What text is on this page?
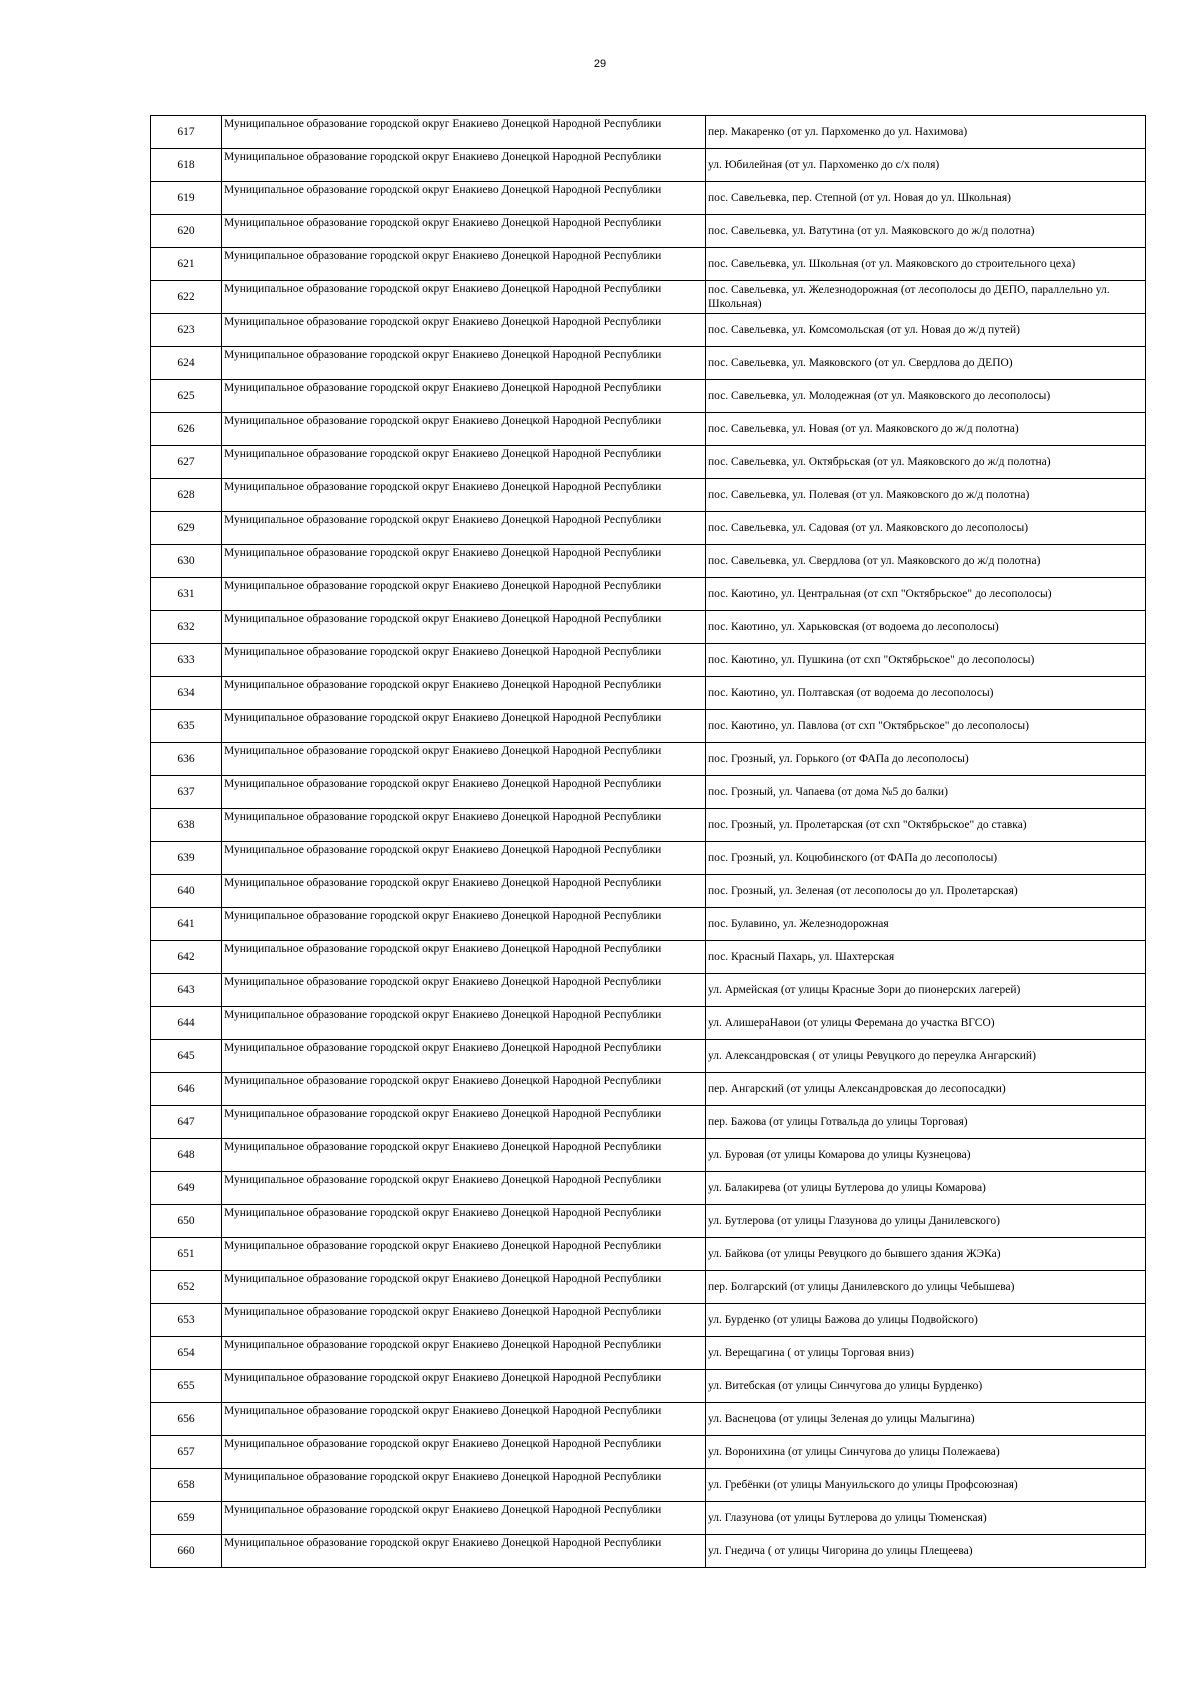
29
617	Муниципальное образование городской округ Енакиево Донецкой Народной Республики	пер. Макаренко (от ул. Пархоменко до ул. Нахимова)
618	Муниципальное образование городской округ Енакиево Донецкой Народной Республики	ул. Юбилейная (от ул. Пархоменко до с/х поля)
619	Муниципальное образование городской округ Енакиево Донецкой Народной Республики	пос. Савельевка, пер. Степной (от ул. Новая до ул. Школьная)
620	Муниципальное образование городской округ Енакиево Донецкой Народной Республики	пос. Савельевка, ул. Ватутина (от ул. Маяковского до ж/д полотна)
621	Муниципальное образование городской округ Енакиево Донецкой Народной Республики	пос. Савельевка, ул. Школьная (от ул. Маяковского до строительного цеха)
622	Муниципальное образование городской округ Енакиево Донецкой Народной Республики	пос. Савельевка, ул. Железнодорожная (от лесополосы до ДЕПО, параллельно ул. Школьная)
623	Муниципальное образование городской округ Енакиево Донецкой Народной Республики	пос. Савельевка, ул. Комсомольская (от ул. Новая до ж/д путей)
624	Муниципальное образование городской округ Енакиево Донецкой Народной Республики	пос. Савельевка, ул. Маяковского (от ул. Свердлова до ДЕПО)
625	Муниципальное образование городской округ Енакиево Донецкой Народной Республики	пос. Савельевка, ул. Молодежная (от ул. Маяковского до лесополосы)
626	Муниципальное образование городской округ Енакиево Донецкой Народной Республики	пос. Савельевка, ул. Новая (от ул. Маяковского до ж/д полотна)
627	Муниципальное образование городской округ Енакиево Донецкой Народной Республики	пос. Савельевка, ул. Октябрьская (от ул. Маяковского до ж/д полотна)
628	Муниципальное образование городской округ Енакиево Донецкой Народной Республики	пос. Савельевка, ул. Полевая (от ул. Маяковского до ж/д полотна)
629	Муниципальное образование городской округ Енакиево Донецкой Народной Республики	пос. Савельевка, ул. Садовая (от ул. Маяковского до лесополосы)
630	Муниципальное образование городской округ Енакиево Донецкой Народной Республики	пос. Савельевка, ул. Свердлова (от ул. Маяковского до ж/д полотна)
631	Муниципальное образование городской округ Енакиево Донецкой Народной Республики	пос. Каютино, ул. Центральная (от схп "Октябрьское" до лесополосы)
632	Муниципальное образование городской округ Енакиево Донецкой Народной Республики	пос. Каютино, ул. Харьковская (от водоема до лесополосы)
633	Муниципальное образование городской округ Енакиево Донецкой Народной Республики	пос. Каютино, ул. Пушкина (от схп "Октябрьское" до лесополосы)
634	Муниципальное образование городской округ Енакиево Донецкой Народной Республики	пос. Каютино, ул. Полтавская (от водоема до лесополосы)
635	Муниципальное образование городской округ Енакиево Донецкой Народной Республики	пос. Каютино, ул. Павлова (от схп "Октябрьское" до лесополосы)
636	Муниципальное образование городской округ Енакиево Донецкой Народной Республики	пос. Грозный, ул. Горького (от ФАПа до лесополосы)
637	Муниципальное образование городской округ Енакиево Донецкой Народной Республики	пос. Грозный, ул. Чапаева (от дома №5 до балки)
638	Муниципальное образование городской округ Енакиево Донецкой Народной Республики	пос. Грозный, ул. Пролетарская (от схп "Октябрьское" до ставка)
639	Муниципальное образование городской округ Енакиево Донецкой Народной Республики	пос. Грозный, ул. Коцюбинского (от ФАПа до лесополосы)
640	Муниципальное образование городской округ Енакиево Донецкой Народной Республики	пос. Грозный, ул. Зеленая (от лесополосы до ул. Пролетарская)
641	Муниципальное образование городской округ Енакиево Донецкой Народной Республики	пос. Булавино, ул. Железнодорожная
642	Муниципальное образование городской округ Енакиево Донецкой Народной Республики	пос. Красный Пахарь, ул. Шахтерская
643	Муниципальное образование городской округ Енакиево Донецкой Народной Республики	ул. Армейская (от улицы Красные Зори до пионерских лагерей)
644	Муниципальное образование городской округ Енакиево Донецкой Народной Республики	ул. АлишераНавои (от улицы Феремана до участка ВГСО)
645	Муниципальное образование городской округ Енакиево Донецкой Народной Республики	ул. Александровская ( от улицы Ревуцкого до переулка Ангарский)
646	Муниципальное образование городской округ Енакиево Донецкой Народной Республики	пер. Ангарский (от улицы Александровская до лесопосадки)
647	Муниципальное образование городской округ Енакиево Донецкой Народной Республики	пер. Бажова (от улицы Готвальда до улицы Торговая)
648	Муниципальное образование городской округ Енакиево Донецкой Народной Республики	ул. Буровая (от улицы Комарова до улицы Кузнецова)
649	Муниципальное образование городской округ Енакиево Донецкой Народной Республики	ул. Балакирева (от улицы Бутлерова до улицы Комарова)
650	Муниципальное образование городской округ Енакиево Донецкой Народной Республики	ул. Бутлерова (от улицы Глазунова до улицы Данилевского)
651	Муниципальное образование городской округ Енакиево Донецкой Народной Республики	ул. Байкова (от улицы Ревуцкого до бывшего здания ЖЭКа)
652	Муниципальное образование городской округ Енакиево Донецкой Народной Республики	пер. Болгарский (от улицы Данилевского до улицы Чебышева)
653	Муниципальное образование городской округ Енакиево Донецкой Народной Республики	ул. Бурденко (от улицы Бажова до улицы Подвойского)
654	Муниципальное образование городской округ Енакиево Донецкой Народной Республики	ул. Верещагина ( от улицы Торговая вниз)
655	Муниципальное образование городской округ Енакиево Донецкой Народной Республики	ул. Витебская (от улицы Синчугова до улицы Бурденко)
656	Муниципальное образование городской округ Енакиево Донецкой Народной Республики	ул. Васнецова (от улицы Зеленая до улицы Малыгина)
657	Муниципальное образование городской округ Енакиево Донецкой Народной Республики	ул. Воронихина (от улицы Синчугова до улицы Полежаева)
658	Муниципальное образование городской округ Енакиево Донецкой Народной Республики	ул. Гребёнки (от улицы Мануильского до улицы Профсоюзная)
659	Муниципальное образование городской округ Енакиево Донецкой Народной Республики	ул. Глазунова (от улицы Бутлерова до улицы Тюменская)
660	Муниципальное образование городской округ Енакиево Донецкой Народной Республики	ул. Гнедича ( от улицы Чигорина до улицы Плещеева)
